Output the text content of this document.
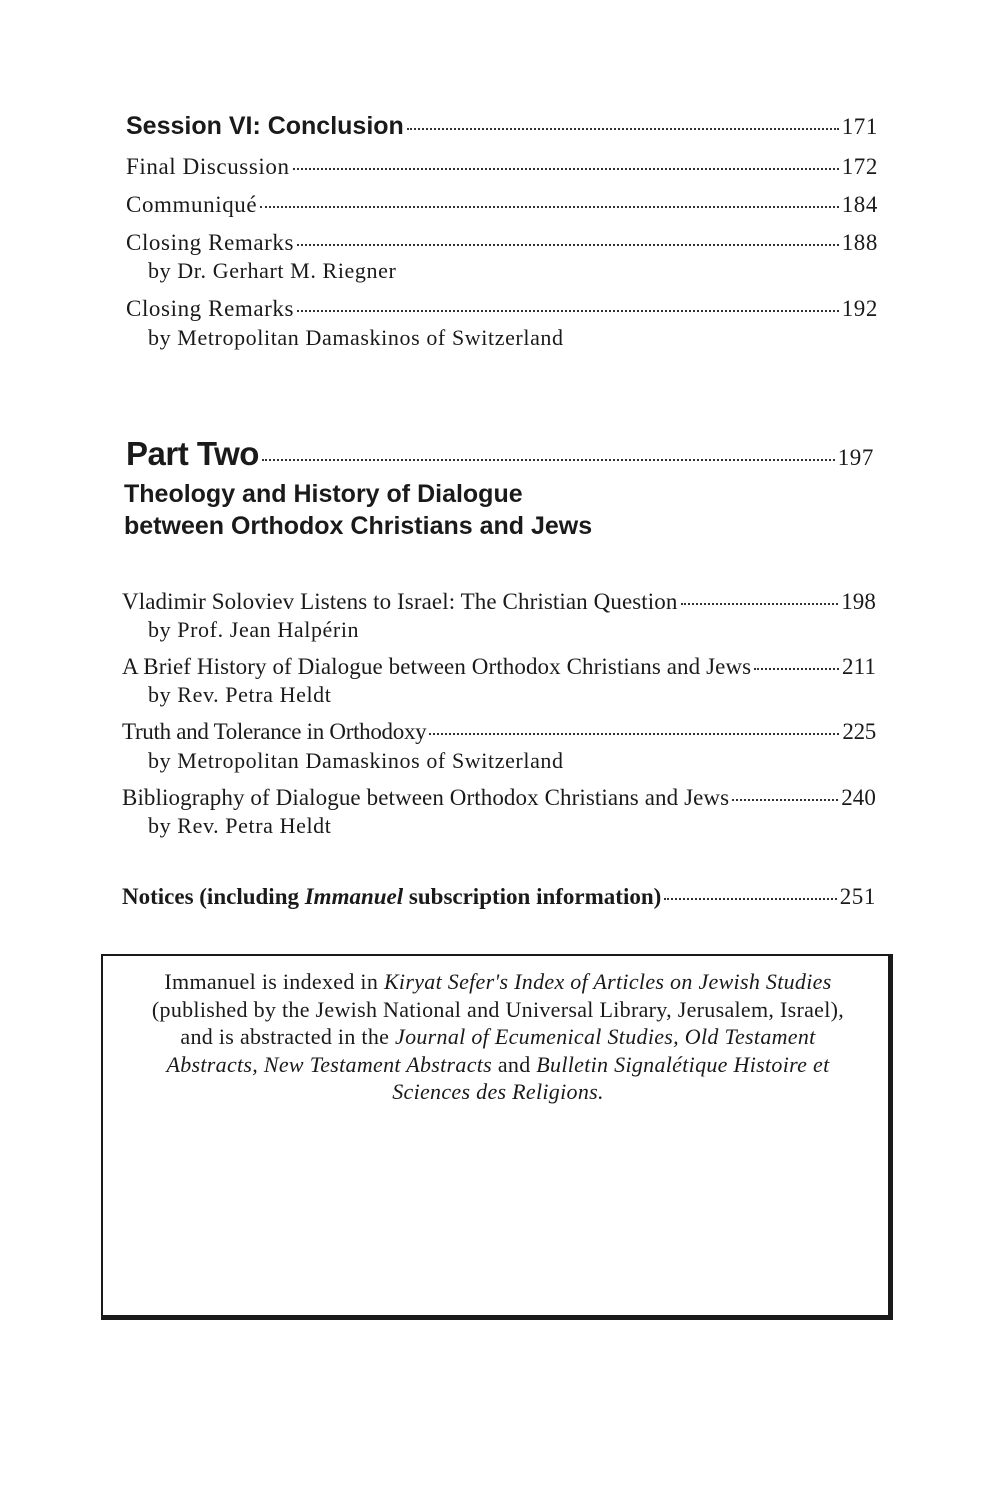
Session VI: Conclusion	171
Final Discussion	172
Communiqué	184
Closing Remarks	188
by Dr. Gerhart M. Riegner
Closing Remarks	192
by Metropolitan Damaskinos of Switzerland
Part Two	197
Theology and History of Dialogue
between Orthodox Christians and Jews
Vladimir Soloviev Listens to Israel: The Christian Question	198
by Prof. Jean Halpérin
A Brief History of Dialogue between Orthodox Christians and Jews	211
by Rev. Petra Heldt
Truth and Tolerance in Orthodoxy	225
by Metropolitan Damaskinos of Switzerland
Bibliography of Dialogue between Orthodox Christians and Jews	240
by Rev. Petra Heldt
Notices (including Immanuel subscription information)	251
Immanuel is indexed in Kiryat Sefer's Index of Articles on Jewish Studies (published by the Jewish National and Universal Library, Jerusalem, Israel), and is abstracted in the Journal of Ecumenical Studies, Old Testament Abstracts, New Testament Abstracts and Bulletin Signalétique Histoire et Sciences des Religions.
